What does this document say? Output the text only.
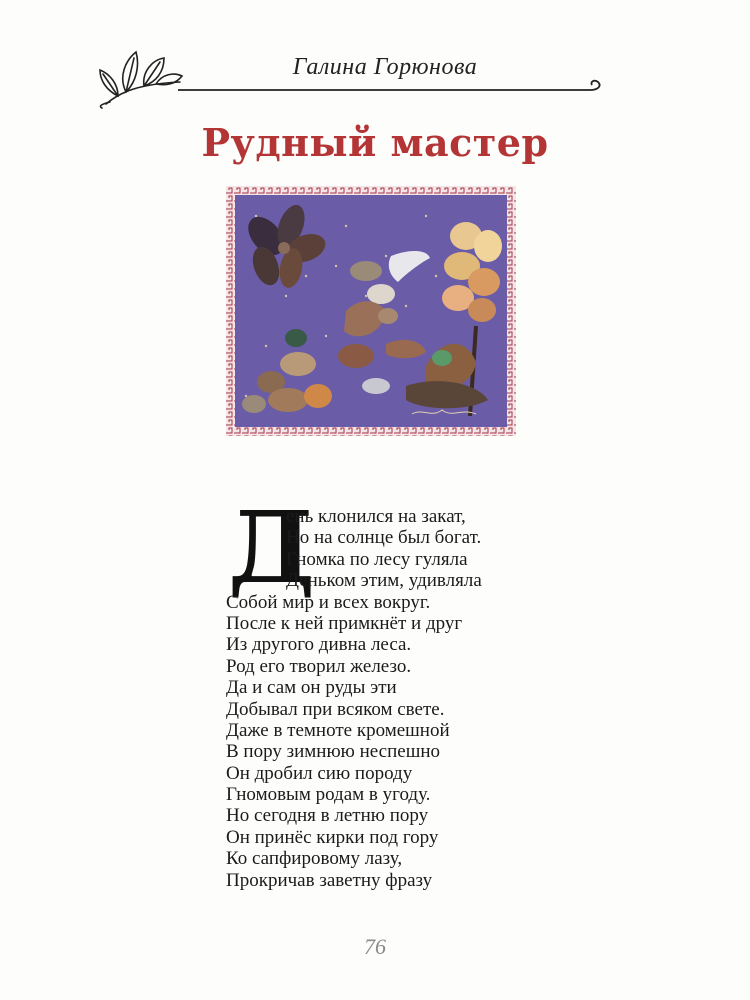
Галина Горюнова
Рудный мастер
Д
ень клонился на закат,
Но на солнце был богат.
Гномка по лесу гуляла
Деньком этим, удивляла
Собой мир и всех вокруг.
После к ней примкнёт и друг
Из другого дивна леса.
Род его творил железо.
Да и сам он руды эти
Добывал при всяком свете.
Даже в темноте кромешной
В пору зимнюю неспешно
Он дробил сию породу
Гномовым родам в угоду.
Но сегодня в летню пору
Он принёс кирки под гору
Ко сапфировому лазу,
Прокричав заветну фразу
76
